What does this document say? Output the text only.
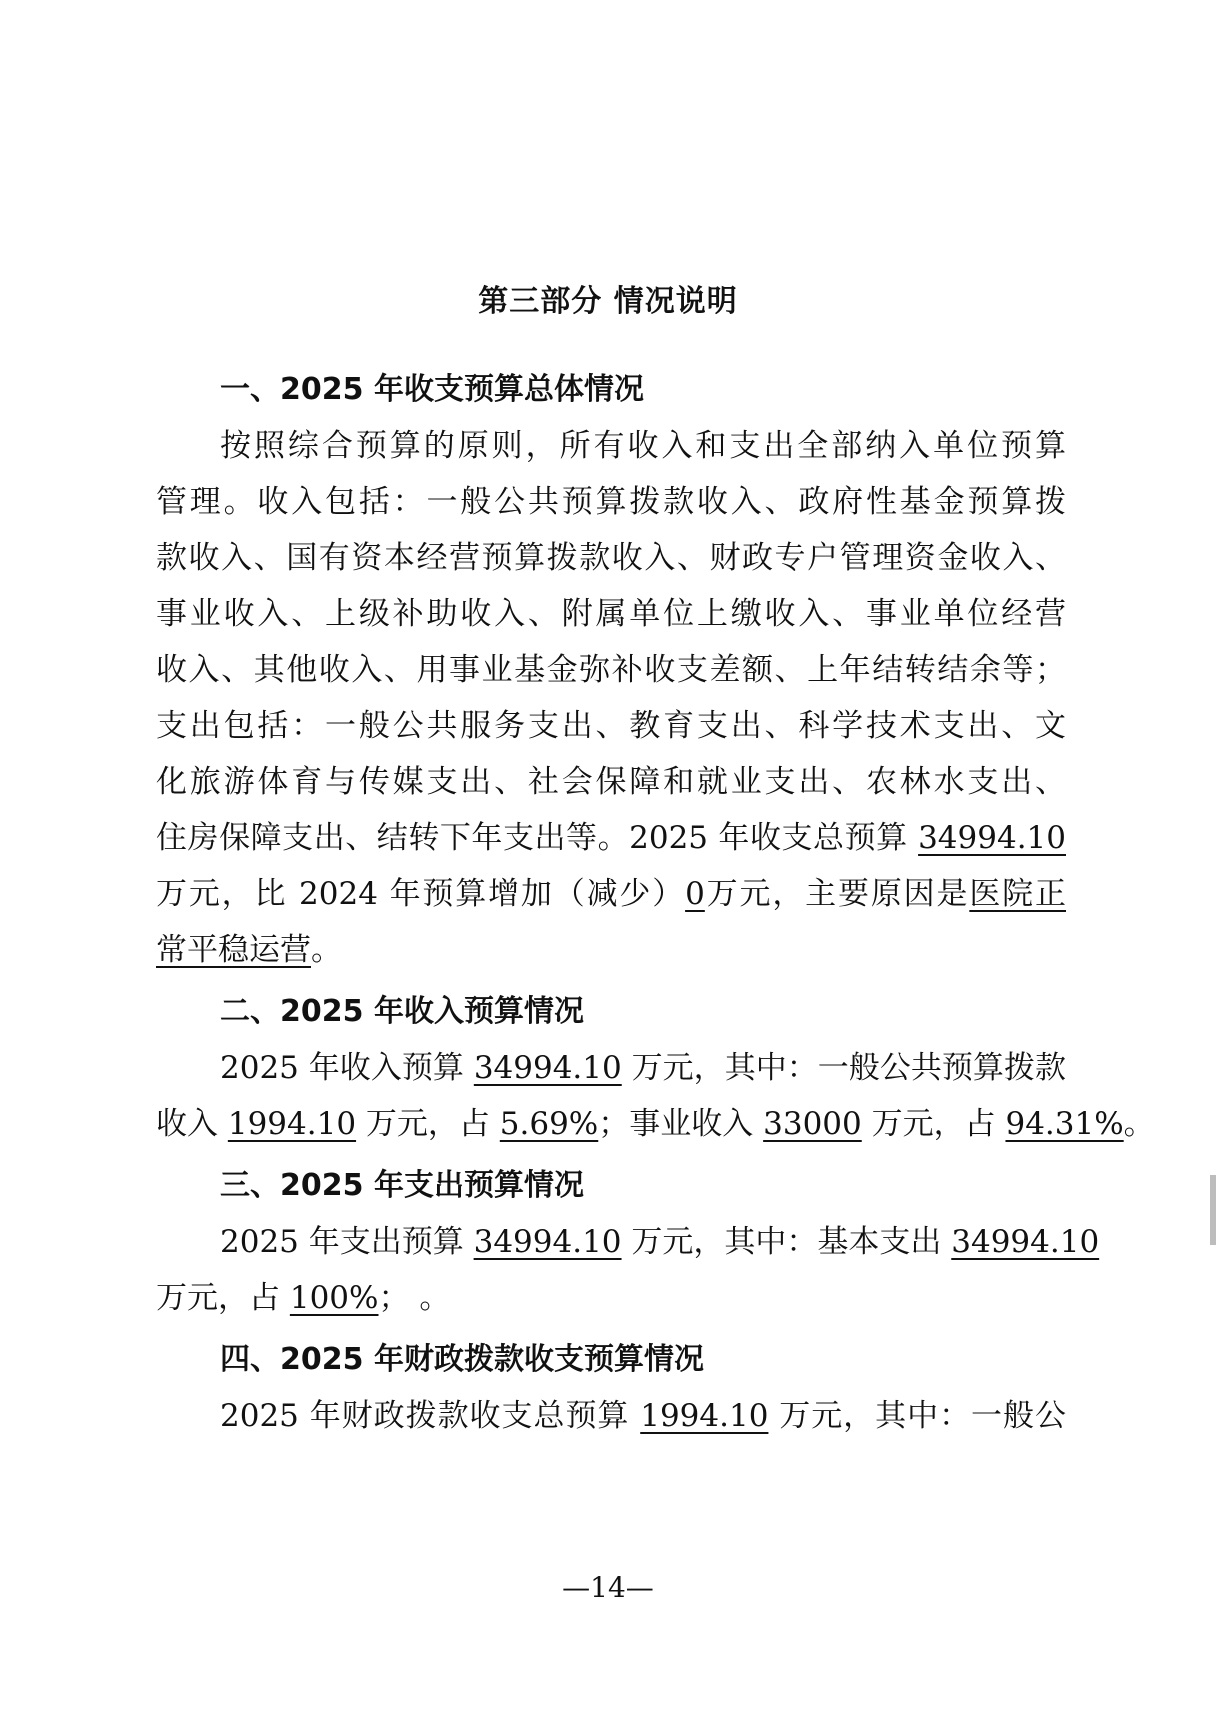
第三部分 情况说明
一、2025 年收支预算总体情况
按照综合预算的原则，所有收入和支出全部纳入单位预算
管理。收入包括：一般公共预算拨款收入、政府性基金预算拨
款收入、国有资本经营预算拨款收入、财政专户管理资金收入、
事业收入、上级补助收入、附属单位上缴收入、事业单位经营
收入、其他收入、用事业基金弥补收支差额、上年结转结余等；
支出包括：一般公共服务支出、教育支出、科学技术支出、文
化旅游体育与传媒支出、社会保障和就业支出、农林水支出、
住房保障支出、结转下年支出等。2025 年收支总预算 34994.10
万元，比 2024 年预算增加（减少）0万元，主要原因是医院正
常平稳运营。
二、2025 年收入预算情况
2025 年收入预算 34994.10 万元，其中：一般公共预算拨款
收入 1994.10 万元，占 5.69%；事业收入 33000 万元，占 94.31%。
三、2025 年支出预算情况
2025 年支出预算 34994.10 万元，其中：基本支出 34994.10
万元，占 100%； 。
四、2025 年财政拨款收支预算情况
2025 年财政拨款收支总预算 1994.10 万元，其中：一般公
—14—
